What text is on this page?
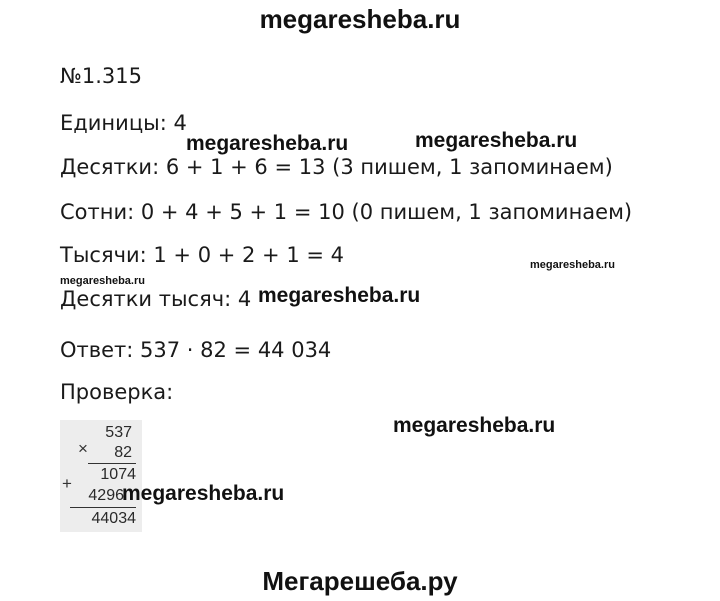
megaresheba.ru
№1.315
Единицы: 4
Десятки: 6 + 1 + 6 = 13 (3 пишем, 1 запоминаем)
Сотни: 0 + 4 + 5 + 1 = 10 (0 пишем, 1 запоминаем)
Тысячи: 1 + 0 + 2 + 1 = 4
Десятки тысяч: 4
Ответ: 537 · 82 = 44 034
Проверка:
537
× 82
1074
+
4296
44034
megaresheba.ru	megaresheba.ru
megaresheba.ru
megaresheba.ru
megaresheba.ru
megaresheba.ru
megaresheba.ru
Мегарешеба.ру
